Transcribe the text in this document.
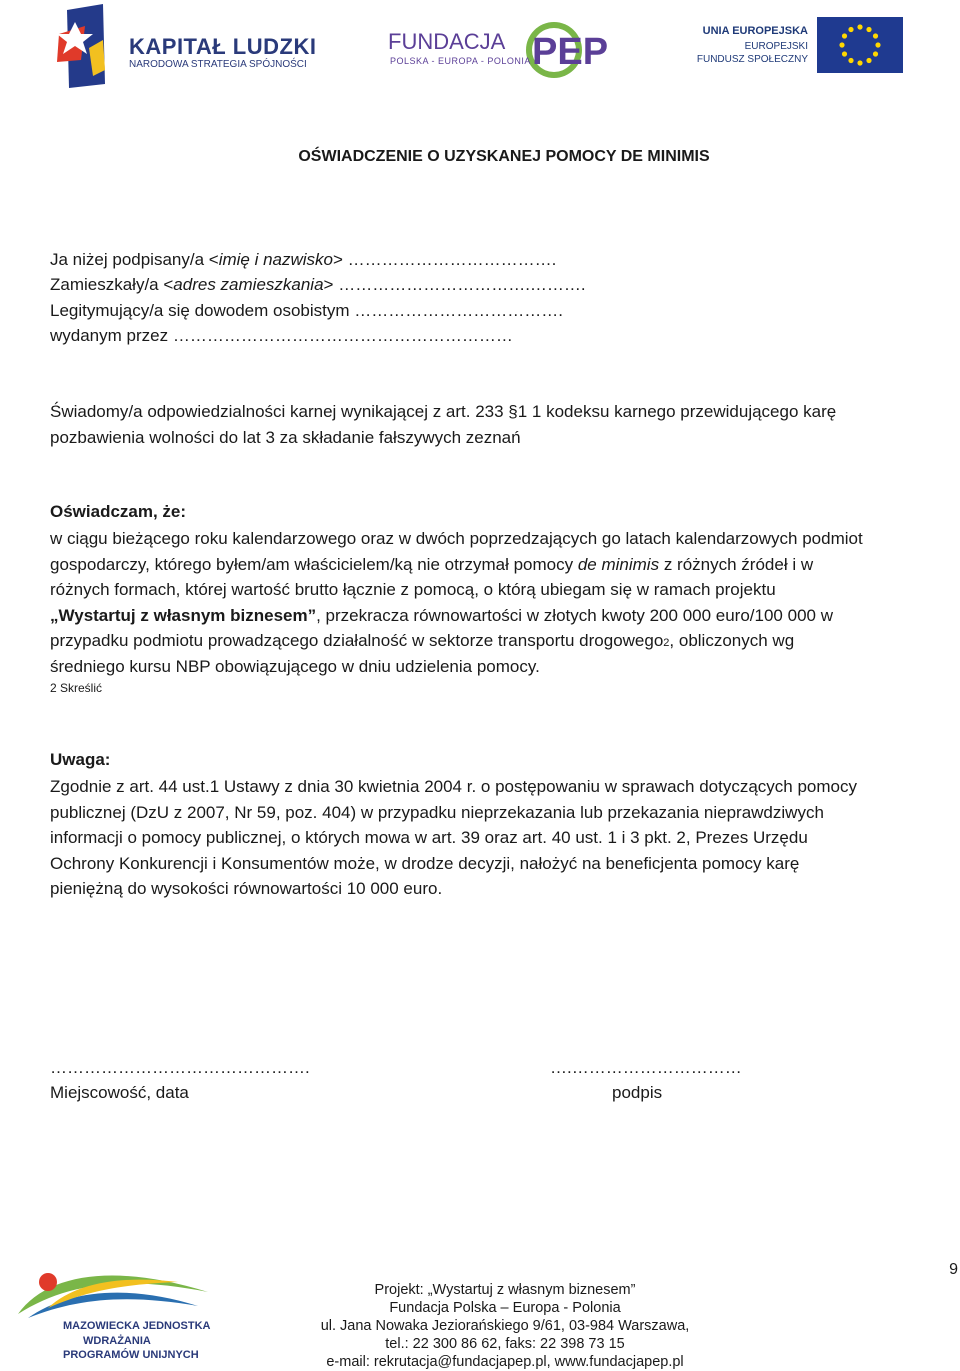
KAPITAŁ LUDZKI
NARODOWA STRATEGIA SPÓJNOŚCI
FUNDACJA PEP
POLSKA - EUROPA - POLONIA
UNIA EUROPEJSKA
EUROPEJSKI
FUNDUSZ SPOŁECZNY
OŚWIADCZENIE O UZYSKANEJ POMOCY DE MINIMIS
Ja niżej podpisany/a <imię i nazwisko> ……………………………….
Zamieszkały/a <adres zamieszkania> …………………………….……….
Legitymujący/a się dowodem osobistym ……………………………….
wydanym przez ……………………………………………………
Świadomy/a odpowiedzialności karnej wynikającej z art. 233 §1 1 kodeksu karnego przewidującego karę
pozbawienia wolności do lat 3 za składanie fałszywych zeznań
Oświadczam, że:
w ciągu bieżącego roku kalendarzowego oraz w dwóch poprzedzających go latach kalendarzowych podmiot
gospodarczy, którego byłem/am właścicielem/ką nie otrzymał pomocy de minimis z różnych źródeł i w
różnych formach, której wartość brutto łącznie z pomocą, o którą ubiegam się w ramach projektu
„Wystartuj z własnym biznesem”, przekracza równowartości w złotych kwoty 200 000 euro/100 000 w
przypadku podmiotu prowadzącego działalność w sektorze transportu drogowego2, obliczonych wg
średniego kursu NBP obowiązującego w dniu udzielenia pomocy.
2 Skreślić
Uwaga:
Zgodnie z art. 44 ust.1 Ustawy z dnia 30 kwietnia 2004 r. o postępowaniu w sprawach dotyczących pomocy
publicznej (DzU z 2007, Nr 59, poz. 404) w przypadku nieprzekazania lub przekazania nieprawdziwych
informacji o pomocy publicznej, o których mowa w art. 39 oraz art. 40 ust. 1 i 3 pkt. 2, Prezes Urzędu
Ochrony Konkurencji i Konsumentów może, w drodze decyzji, nałożyć na beneficjenta pomocy karę
pieniężną do wysokości równowartości 10 000 euro.
……………………………………….
Miejscowość, data
….…………………………
podpis
9
MAZOWIECKA JEDNOSTKA
WDRAŻANIA
PROGRAMÓW UNIJNYCH
Projekt: „Wystartuj z własnym biznesem”
Fundacja Polska – Europa - Polonia
ul. Jana Nowaka Jeziorańskiego 9/61, 03-984 Warszawa,
tel.: 22 300 86 62, faks: 22 398 73 15
e-mail: rekrutacja@fundacjapep.pl, www.fundacjapep.pl
